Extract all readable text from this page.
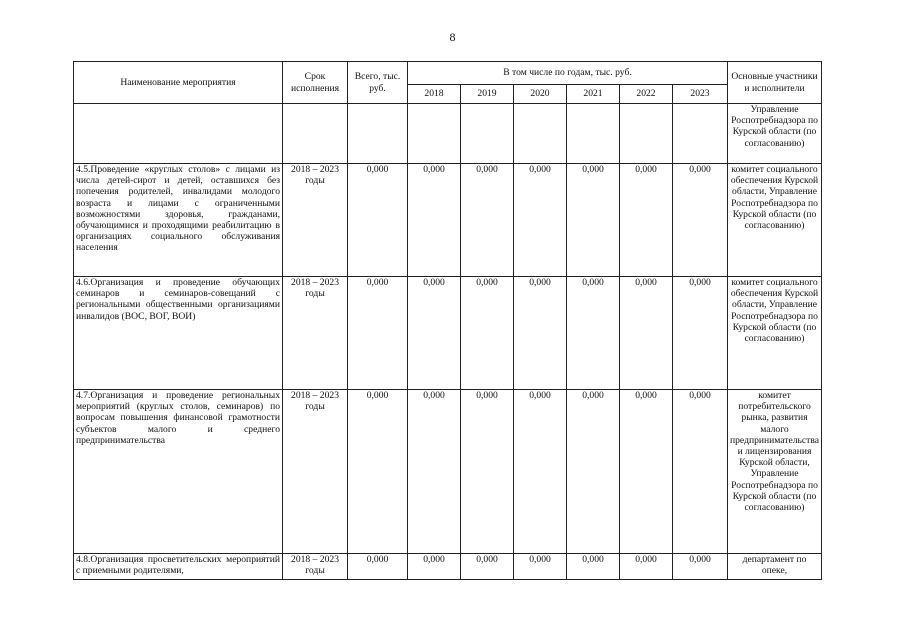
8
Наименование мероприятия	Срок исполнения	Всего, тыс. руб.	В том числе по годам, тыс. руб.						Основные участники и исполнители
			2018	2019	2020	2021	2022	2023	
									Управление Роспотребнадзора по Курской области (по согласованию)
4.5.Проведение «круглых столов» с лицами из числа детей-сирот и детей, оставшихся без попечения родителей, инвалидами молодого возраста и лицами с ограниченными возможностями здоровья, гражданами, обучающимися и проходящими реабилитацию в организациях социального обслуживания населения	2018 – 2023 годы	0,000	0,000	0,000	0,000	0,000	0,000	0,000	комитет социального обеспечения Курской области, Управление Роспотребнадзора по Курской области (по согласованию)
4.6.Организация и проведение обучающих семинаров и семинаров-совещаний с региональными общественными организациями инвалидов (ВОС, ВОГ, ВОИ)	2018 – 2023 годы	0,000	0,000	0,000	0,000	0,000	0,000	0,000	комитет социального обеспечения Курской области, Управление Роспотребнадзора по Курской области (по согласованию)
4.7.Организация и проведение региональных мероприятий (круглых столов, семинаров) по вопросам повышения финансовой грамотности субъектов малого и среднего предпринимательства	2018 – 2023 годы	0,000	0,000	0,000	0,000	0,000	0,000	0,000	комитет потребительского рынка, развития малого предпринимательства и лицензирования Курской области, Управление Роспотребнадзора по Курской области (по согласованию)
4.8.Организация просветительских мероприятий с приемными родителями,	2018 – 2023 годы	0,000	0,000	0,000	0,000	0,000	0,000	0,000	департамент по опеке,
